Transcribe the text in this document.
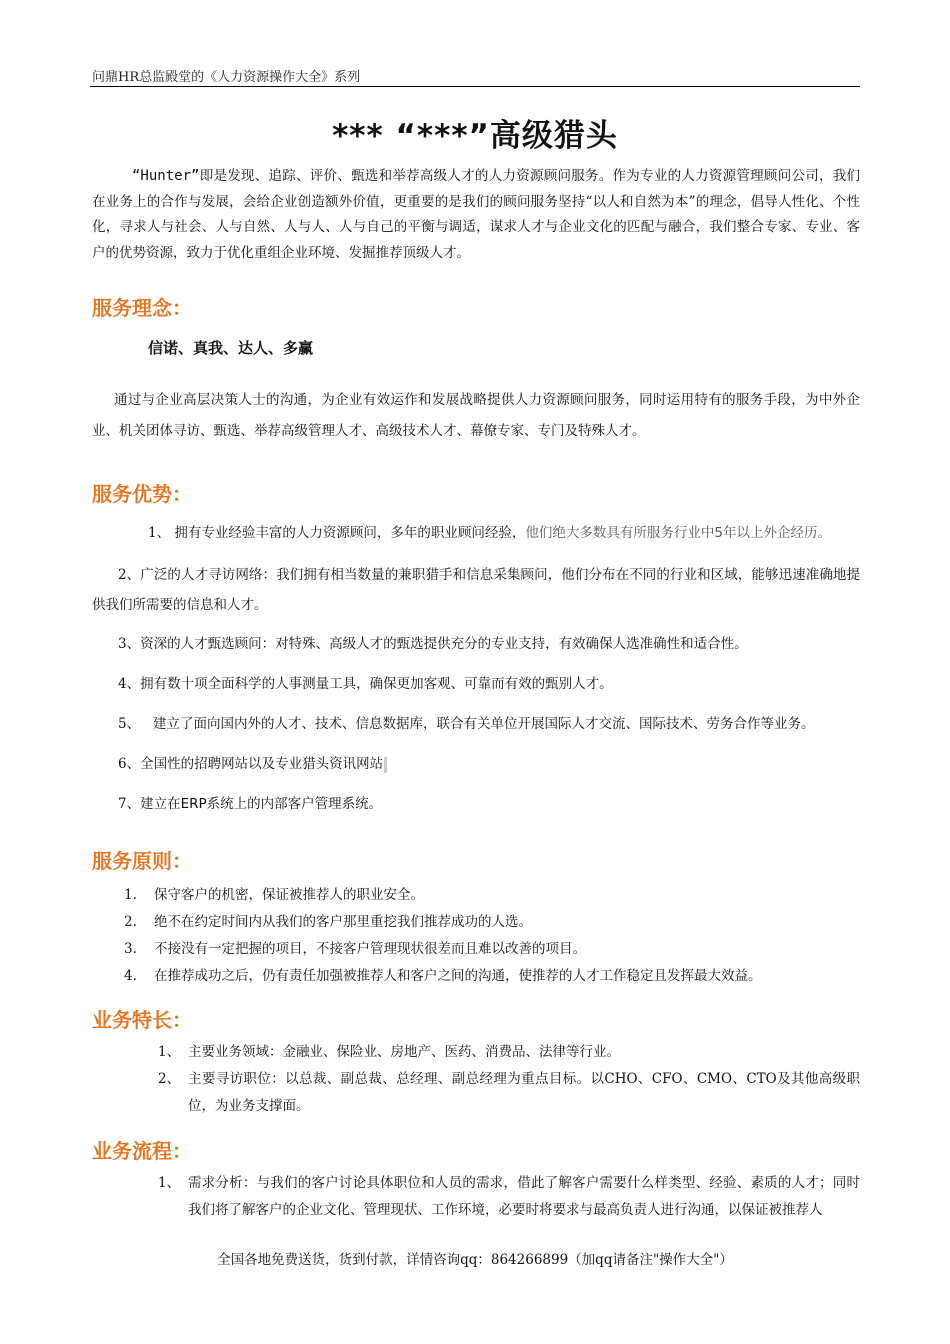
问鼎HR总监殿堂的《人力资源操作大全》系列
*** “***”高级猎头
“Hunter”即是发现、追踪、评价、甄选和举荐高级人才的人力资源顾问服务。作为专业的人力资源管理顾问公司，我们在业务上的合作与发展，会给企业创造额外价值，更重要的是我们的顾问服务坚持“以人和自然为本”的理念，倡导人性化、个性化，寻求人与社会、人与自然、人与人、人与自己的平衡与调适，谋求人才与企业文化的匹配与融合，我们整合专家、专业、客户的优势资源，致力于优化重组企业环境、发掘推荐顶级人才。
服务理念：
信诺、真我、达人、多赢
通过与企业高层决策人士的沟通，为企业有效运作和发展战略提供人力资源顾问服务，同时运用特有的服务手段，为中外企业、机关团体寻访、甄选、举荐高级管理人才、高级技术人才、幕僚专家、专门及特殊人才。
服务优势：
1、 拥有专业经验丰富的人力资源顾问，多年的职业顾问经验，他们绝大多数具有所服务行业中5年以上外企经历。
2、广泛的人才寻访网络：我们拥有相当数量的兼职猎手和信息采集顾问，他们分布在不同的行业和区域，能够迅速准确地提供我们所需要的信息和人才。
3、资深的人才甄选顾问：对特殊、高级人才的甄选提供充分的专业支持，有效确保人选准确性和适合性。
4、拥有数十项全面科学的人事测量工具，确保更加客观、可靠而有效的甄别人才。
5、   建立了面向国内外的人才、技术、信息数据库，联合有关单位开展国际人才交流、国际技术、劳务合作等业务。
6、全国性的招聘网站以及专业猎头资讯网站
7、建立在ERP系统上的内部客户管理系统。
服务原则：
1. 保守客户的机密，保证被推荐人的职业安全。
2. 绝不在约定时间内从我们的客户那里重挖我们推荐成功的人选。
3. 不接没有一定把握的项目，不接客户管理现状很差而且难以改善的项目。
4. 在推荐成功之后，仍有责任加强被推荐人和客户之间的沟通，使推荐的人才工作稳定且发挥最大效益。
业务特长：
1、 主要业务领域：金融业、保险业、房地产、医药、消费品、法律等行业。
2、 主要寻访职位：以总裁、副总裁、总经理、副总经理为重点目标。以CHO、CFO、CMO、CTO及其他高级职位，为业务支撑面。
业务流程：
1、 需求分析：与我们的客户讨论具体职位和人员的需求，借此了解客户需要什么样类型、经验、素质的人才；同时我们将了解客户的企业文化、管理现状、工作环境，必要时将要求与最高负责人进行沟通，以保证被推荐人
全国各地免费送货，货到付款，详情咨询qq：864266899（加qq请备注"操作大全"）
